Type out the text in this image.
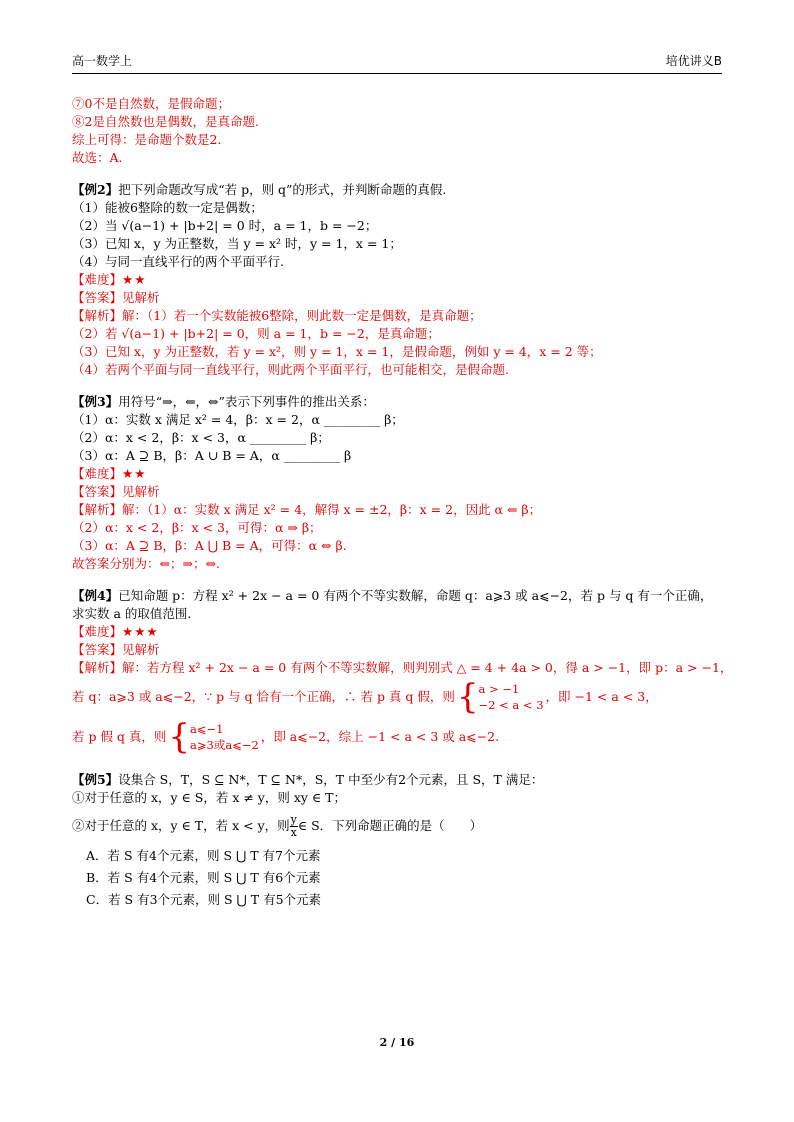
高一数学上	培优讲义B
⑦0不是自然数，是假命题；
⑧2是自然数也是偶数，是真命题.
综上可得：是命题个数是2.
故选：A.
【例2】把下列命题改写成“若 p，则 q”的形式，并判断命题的真假.
（1）能被6整除的数一定是偶数；
（2）当 √(a−1) + |b+2| = 0 时，a = 1，b = −2；
（3）已知 x，y 为正整数，当 y = x² 时，y = 1，x = 1；
（4）与同一直线平行的两个平面平行.
【难度】★★
【答案】见解析
【解析】解：（1）若一个实数能被6整除，则此数一定是偶数，是真命题；
（2）若 √(a−1) + |b+2| = 0，则 a = 1，b = −2，是真命题；
（3）已知 x，y 为正整数，若 y = x²，则 y = 1，x = 1，是假命题，例如 y = 4，x = 2 等；
（4）若两个平面与同一直线平行，则此两个平面平行，也可能相交，是假命题.
【例3】用符号“⇒，⇐，⇔”表示下列事件的推出关系：
（1）α：实数 x 满足 x² = 4，β：x = 2，α _________ β；
（2）α：x < 2，β：x < 3，α _________ β；
（3）α：A ⊇ B，β：A ∪ B = A，α _________ β
【难度】★★
【答案】见解析
【解析】解：（1）α：实数 x 满足 x² = 4，解得 x = ±2，β：x = 2，因此 α ⇐ β；
（2）α：x < 2，β：x < 3，可得：α ⇒ β；
（3）α：A ⊇ B，β：A ⋃ B = A，可得：α ⇔ β.
故答案分别为：⇐；⇒；⇔.
【例4】已知命题 p：方程 x² + 2x − a = 0 有两个不等实数解，命题 q：a⩾3 或 a⩽−2，若 p 与 q 有一个正确，
求实数 a 的取值范围.
【难度】★★★
【答案】见解析
【解析】解：若方程 x² + 2x − a = 0 有两个不等实数解，则判别式 △ = 4 + 4a > 0，得 a > −1，即 p：a > −1，
若 q：a⩾3 或 a⩽−2，∵ p 与 q 恰有一个正确，∴ 若 p 真 q 假，则 { a > −1
−2 < a < 3
，即 −1 < a < 3，
若 p 假 q 真，则 { a⩽−1
a⩾3或a⩽−2
，即 a⩽−2，综上 −1 < a < 3 或 a⩽−2.
【例5】设集合 S，T，S ⊆ N*，T ⊆ N*，S，T 中至少有2个元素，且 S，T 满足：
①对于任意的 x，y ∈ S，若 x ≠ y，则 xy ∈ T；
②对于任意的 x，y ∈ T，若 x < y，则 $\frac{y}{x}$ ∈ S．下列命题正确的是（　　）
A．若 S 有4个元素，则 S ⋃ T 有7个元素
B．若 S 有4个元素，则 S ⋃ T 有6个元素
C．若 S 有3个元素，则 S ⋃ T 有5个元素
2 / 16
